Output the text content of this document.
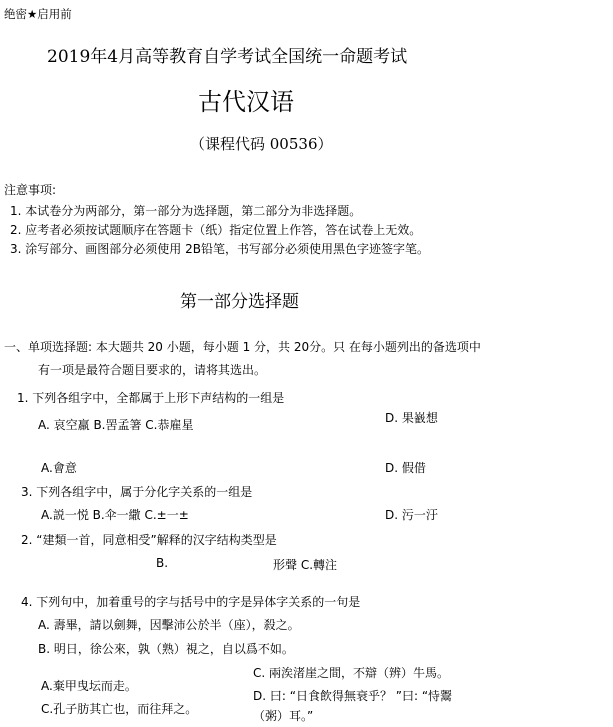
绝密★启用前
2019年4月高等教育自学考试全国统一命题考试
古代汉语
（课程代码 00536）
注意事项:
1. 本试卷分为两部分，第一部分为选择题，第二部分为非选择题。
2. 应考者必须按试题顺序在答题卡（纸）指定位置上作答，答在试卷上无效。
3. 涂写部分、画图部分必须使用 2B铅笔，书写部分必须使用黑色字迹签字笔。
第一部分选择题
一、单项选择题: 本大题共 20 小题，每小题 1 分，共 20分。只 在每小题列出的备选项中
有一项是最符合题目要求的，请将其选出。
1. 下列各组字中，全都属于上形下声结构的一组是
A. 哀空羸 B.罟孟箸 C.恭雇星	D. 果巀想
A.會意	D. 假借
3. 下列各组字中，属于分化字关系的一组是
A.説一悦 B.伞一繖 C.±一±	D. 污一汙
2. “建類一首，同意相受”解释的汉字结构类型是
B.	形聲 C.轉注
4. 下列句中，加着重号的字与括号中的字是异体字关系的一句是
A. 壽畢，請以劍舞，因擊沛公於半（座），殺之。
B. 明日，徐公來，孰（熟）視之，自以爲不如。
C. 兩涘渚崖之間，不辯（辨）牛馬。
A.棄甲曳坛而走。
D. 曰: “日食飲得無衰乎？ ”曰: “恃鬻
C.孔子肪其亡也，而往拜之。	（粥）耳。”
